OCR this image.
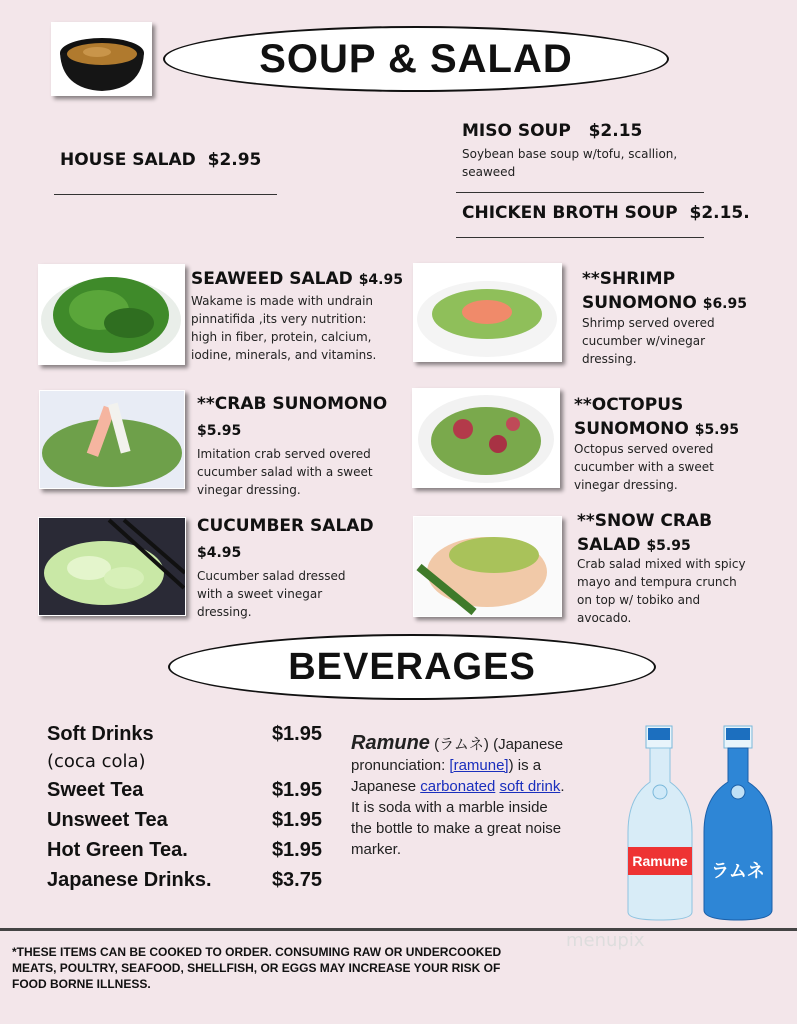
SOUP & SALAD
MISO SOUP $2.15
Soybean base soup w/tofu, scallion, seaweed
HOUSE SALAD $2.95
CHICKEN BROTH SOUP $2.15.
SEAWEED SALAD $4.95
Wakame is made with undrain pinnatifida ,its very nutrition: high in fiber, protein, calcium, iodine, minerals, and vitamins.
**SHRIMP
SUNOMONO $6.95
Shrimp served overed cucumber w/vinegar dressing.
**CRAB SUNOMONO
$5.95
Imitation crab served overed cucumber salad with a sweet vinegar dressing.
**OCTOPUS
SUNOMONO $5.95
Octopus served overed cucumber with a sweet vinegar dressing.
CUCUMBER SALAD
$4.95
Cucumber salad dressed with a sweet vinegar dressing.
**SNOW CRAB
SALAD $5.95
Crab salad mixed with spicy mayo and tempura crunch on top w/ tobiko and avocado.
BEVERAGES
Soft Drinks	$1.95
(coca cola)
Sweet Tea	$1.95
Unsweet Tea	$1.95
Hot Green Tea.	$1.95
Japanese Drinks.	$3.75
Ramune (ラムネ) (Japanese
pronunciation: [ramune]) is a
Japanese carbonated soft drink.
It is soda with a marble inside
the bottle to make a great noise
marker.
Ramune ラムネ
menupix
*THESE ITEMS CAN BE COOKED TO ORDER. CONSUMING RAW OR UNDERCOOKED
MEATS, POULTRY, SEAFOOD, SHELLFISH, OR EGGS MAY INCREASE YOUR RISK OF
FOOD BORNE ILLNESS.
